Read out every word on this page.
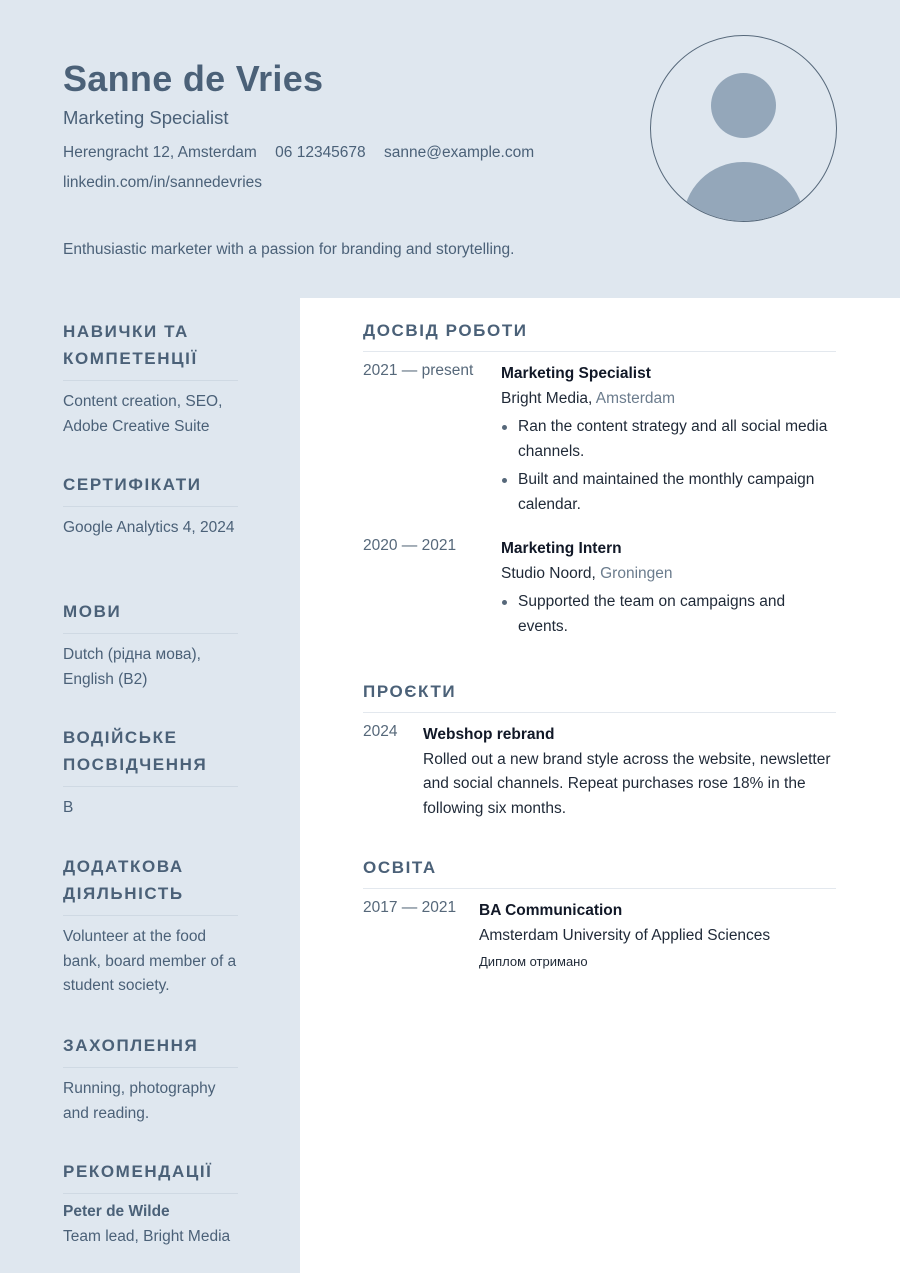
Sanne de Vries
Marketing Specialist
Herengracht 12, Amsterdam 06 12345678 sanne@example.com
linkedin.com/in/sannedevries
Enthusiastic marketer with a passion for branding and storytelling.
НАВИЧКИ ТА КОМПЕТЕНЦІЇ
Content creation, SEO, Adobe Creative Suite
СЕРТИФІКАТИ
Google Analytics 4, 2024
МОВИ
Dutch (рідна мова), English (B2)
ВОДІЙСЬКЕ ПОСВІДЧЕННЯ
B
ДОДАТКОВА ДІЯЛЬНІСТЬ
Volunteer at the food bank, board member of a student society.
ЗАХОПЛЕННЯ
Running, photography and reading.
РЕКОМЕНДАЦІЇ
Peter de Wilde
Team lead, Bright Media
ДОСВІД РОБОТИ
2021 — present Marketing Specialist
Bright Media, Amsterdam
Ran the content strategy and all social media channels.
Built and maintained the monthly campaign calendar.
2020 — 2021	Marketing Intern
Studio Noord, Groningen
Supported the team on campaigns and events.
ПРОЄКТИ
2024 Webshop rebrand
Rolled out a new brand style across the website, newsletter and social channels. Repeat purchases rose 18% in the following six months.
ОСВІТА
2017 — 2021 BA Communication
Amsterdam University of Applied Sciences
Диплом отримано
